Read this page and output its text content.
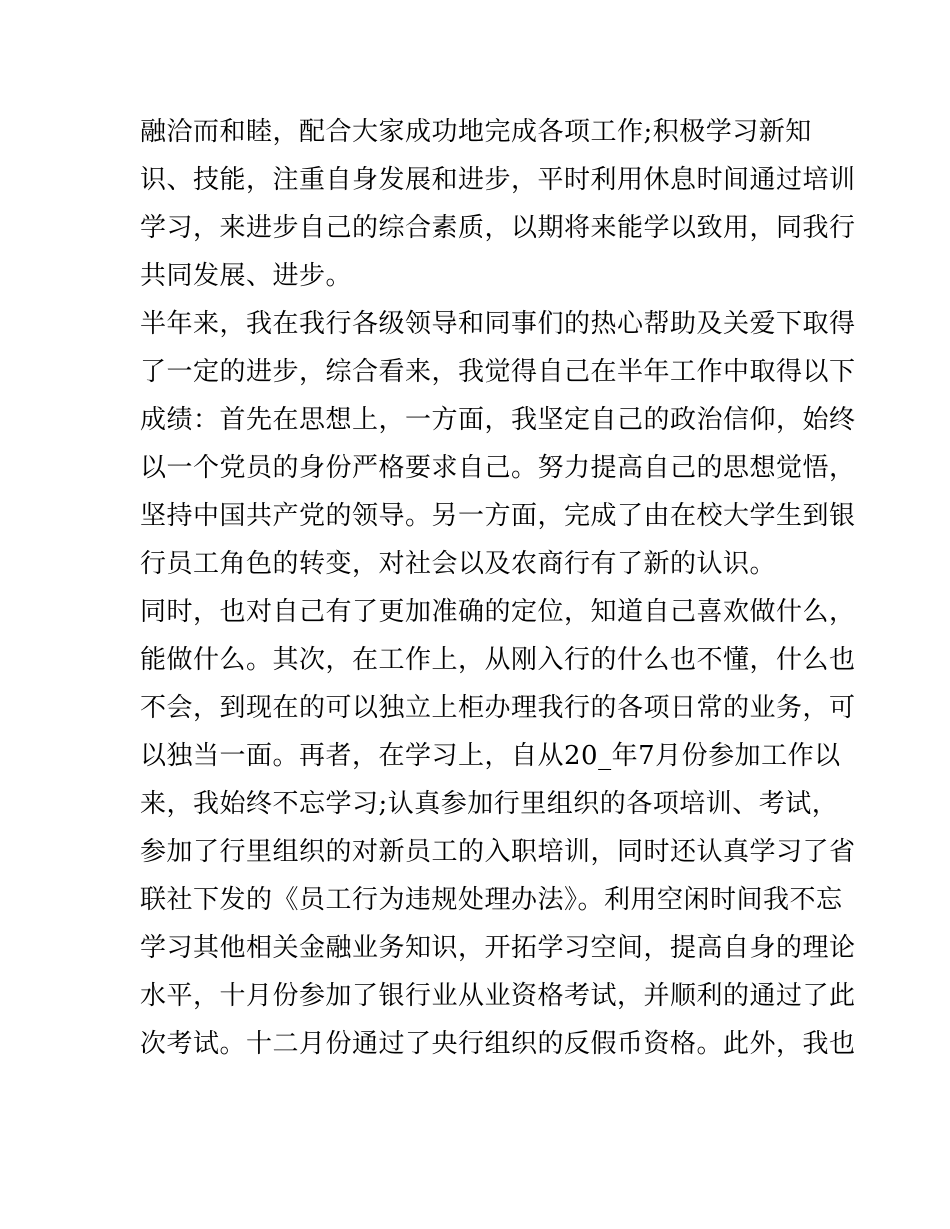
融洽而和睦，配合大家成功地完成各项工作;积极学习新知
识、技能，注重自身发展和进步，平时利用休息时间通过培训
学习，来进步自己的综合素质，以期将来能学以致用，同我行
共同发展、进步。
半年来，我在我行各级领导和同事们的热心帮助及关爱下取得
了一定的进步，综合看来，我觉得自己在半年工作中取得以下
成绩：首先在思想上，一方面，我坚定自己的政治信仰，始终
以一个党员的身份严格要求自己。努力提高自己的思想觉悟，
坚持中国共产党的领导。另一方面，完成了由在校大学生到银
行员工角色的转变，对社会以及农商行有了新的认识。
同时，也对自己有了更加准确的定位，知道自己喜欢做什么，
能做什么。其次，在工作上，从刚入行的什么也不懂，什么也
不会，到现在的可以独立上柜办理我行的各项日常的业务，可
以独当一面。再者，在学习上，自从20_年7月份参加工作以
来，我始终不忘学习;认真参加行里组织的各项培训、考试，
参加了行里组织的对新员工的入职培训，同时还认真学习了省
联社下发的《员工行为违规处理办法》。利用空闲时间我不忘
学习其他相关金融业务知识，开拓学习空间，提高自身的理论
水平，十月份参加了银行业从业资格考试，并顺利的通过了此
次考试。十二月份通过了央行组织的反假币资格。此外，我也
